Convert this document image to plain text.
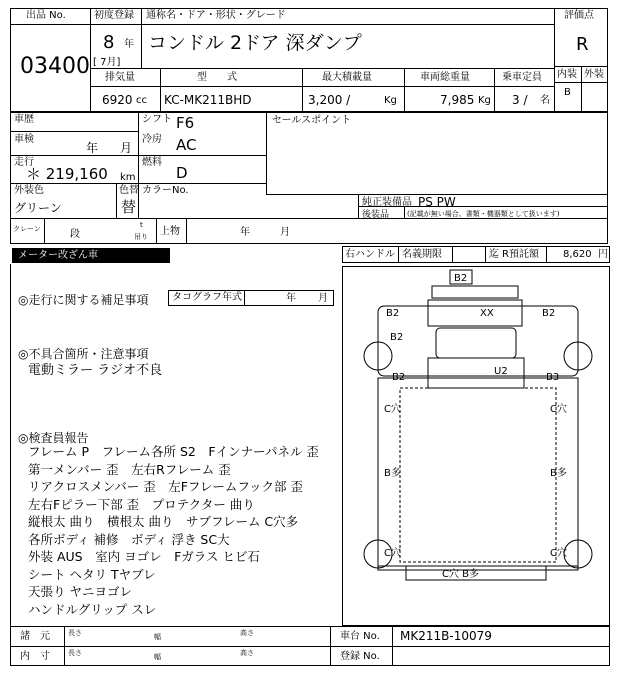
出品 No.
03400
初度登録
8 年
[ 7月]
通称名・ドア・形状・グレード
コンドル 2ドア 深ダンプ
評価点
R
内装 外装
B
排気量	型　　式	最大積載量	車両総重量	乗車定員
6920 cc KC-MK211BHD	3,200 /	Kg	7,985 Kg 3 / 名
車歴
車検
年 月
走行
＊ 219,160 km
シフト F6
冷房 AC
燃料
D
外装色
グリーン
色替
替
カラーNo.
セールスポイント
純正装備品 PS PW
後装品	(記載が無い場合、書類・機器類として扱います)
クレーン	段
t
吊り 上物	年	月
メーター改ざん車	右ハンドル 名義期限	迄 R預託額 8,620 円
◎走行に関する補足事項 タコグラフ年式	年 月
◎不具合箇所・注意事項
電動ミラー ラジオ不良
◎検査員報告
フレーム P　フレーム各所 S2　Fインナーパネル 歪
第一メンバー 歪　左右Rフレーム 歪
リアクロスメンバー 歪　左Fフレームフック部 歪
左右Fピラー下部 歪　プロテクター 曲り
縦根太 曲り　横根太 曲り　サブフレーム C穴多
各所ボディ 補修　ボディ 浮き SC大
外装 AUS　室内 ヨゴレ　Fガラス ヒビ石
シート ヘタリ Tヤブレ
天張り ヤニヨゴレ
ハンドルグリップ スレ
B2
B2	XX	B2
B2
U2
B2	B3
C穴	C穴
B多	B多
C穴	C穴
C穴 B多
諸　元	長さ	幅	高さ
内　寸	長さ	幅	高さ
車台 No. MK211B-10079
登録 No.
